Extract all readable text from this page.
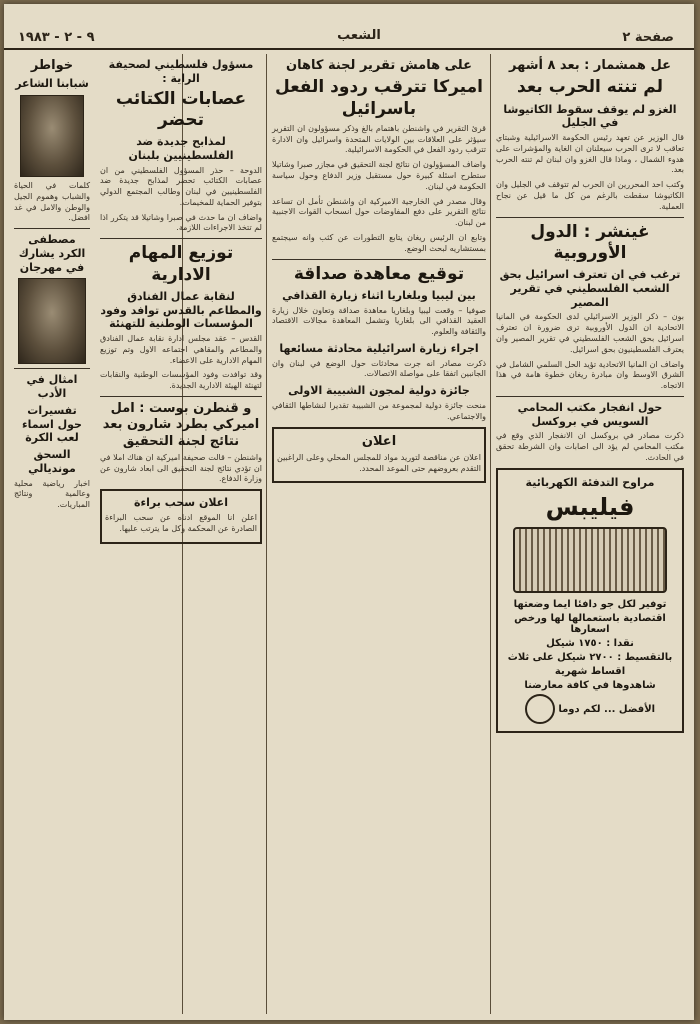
صفحة ٢
الشعب
٩ - ٢ - ١٩٨٣
عل همشمار : بعد ٨ أشهر
لم تنته الحرب بعد
الغزو لم يوقف سقوط الكاتيوشا في الجليل

قال الوزير عن تعهد رئيس الحكومة الاسرائيلية وشبتاي تعاقب لا ترى الحرب سيعلنان ان الغاية والمؤشرات على هدوء الشمال ، وماذا قال الغزو وان لبنان لم تنته الحرب بعد.

وكتب احد المحررين ان الحرب لم تتوقف في الجليل وان الكاتيوشا سقطت بالرغم من كل ما قيل عن نجاح العملية.

غينشر : الدول الأوروبية
ترغب في ان تعترف اسرائيل بحق الشعب الفلسطيني في تقرير المصير

بون – ذكر الوزير الاسرائيلي لدى الحكومة في المانيا الاتحادية ان الدول الأوروبية ترى ضرورة ان تعترف اسرائيل بحق الشعب الفلسطيني في تقرير المصير وان يعترف الفلسطينيون بحق اسرائيل.

واضاف ان المانيا الاتحادية تؤيد الحل السلمي الشامل في الشرق الاوسط وان مبادرة ريغان خطوة هامة في هذا الاتجاه.

حول انفجار مكتب المحامي السويس في بروكسل

ذكرت مصادر في بروكسل ان الانفجار الذي وقع في مكتب المحامي لم يؤد الى اصابات وان الشرطة تحقق في الحادث.

مراوح التدفئة الكهربائية
فيليبس
توفير لكل جو دافئا ايما وضعتها
اقتصادية باستعمالها لها ورخص اسعارها
نقدا : ١٧٥٠ شيكل
بالتقسيط : ٢٧٠٠ شيكل على ثلاث
اقساط شهرية
شاهدوها في كافة معارضنا
الأفضل ... لكم دوما
على هامش تقرير لجنة كاهان
اميركا تترقب ردود الفعل باسرائيل

قرئ التقرير في واشنطن باهتمام بالغ وذكر مسؤولون ان التقرير سيؤثر على العلاقات بين الولايات المتحدة واسرائيل وان الادارة تترقب ردود الفعل في الحكومة الاسرائيلية.

واضاف المسؤولون ان نتائج لجنة التحقيق في مجازر صبرا وشاتيلا ستطرح اسئلة كبيرة حول مستقبل وزير الدفاع وحول سياسة الحكومة في لبنان.

وقال مصدر في الخارجية الاميركية ان واشنطن تأمل ان تساعد نتائج التقرير على دفع المفاوضات حول انسحاب القوات الاجنبية من لبنان.

وتابع ان الرئيس ريغان يتابع التطورات عن كثب وانه سيجتمع بمستشاريه لبحث الوضع.

توقيع معاهدة صداقة
بين ليبيا وبلغاريا اثناء زيارة القذافي

صوفيا – وقعت ليبيا وبلغاريا معاهدة صداقة وتعاون خلال زيارة العقيد القذافي الى بلغاريا وتشمل المعاهدة مجالات الاقتصاد والثقافة والعلوم.

اجراء زيارة اسرائيلية محادثة مسائعها

ذكرت مصادر انه جرت محادثات حول الوضع في لبنان وان الجانبين اتفقا على مواصلة الاتصالات.

جائزة دولية لمجون الشبيبة الاولى

منحت جائزة دولية لمجموعة من الشبيبة تقديرا لنشاطها الثقافي والاجتماعي.

اعلان

اعلان عن مناقصة لتوريد مواد للمجلس المحلي وعلى الراغبين التقدم بعروضهم حتى الموعد المحدد.

مسؤول فلسطيني لصحيفة الراية :
عصابات الكتائب تحضر
لمذابح جديدة ضد الفلسطينيين بلبنان

الدوحة – حذر المسؤول الفلسطيني من ان عصابات الكتائب تحضر لمذابح جديدة ضد الفلسطينيين في لبنان وطالب المجتمع الدولي بتوفير الحماية للمخيمات.

واضاف ان ما حدث في صبرا وشاتيلا قد يتكرر اذا لم تتخذ الاجراءات اللازمة.

توزيع المهام الادارية
لنقابة عمال الفنادق والمطاعم بالقدس توافد وفود المؤسسات الوطنية للتهنئة

القدس – عقد مجلس ادارة نقابة عمال الفنادق والمطاعم والمقاهي اجتماعه الاول وتم توزيع المهام الادارية على الاعضاء.

وقد توافدت وفود المؤسسات الوطنية والنقابات لتهنئة الهيئة الادارية الجديدة.

و قنطرن بوست : امل اميركي بطرد شارون بعد نتائج لجنة التحقيق

واشنطن – قالت صحيفة اميركية ان هناك املا في ان تؤدي نتائج لجنة التحقيق الى ابعاد شارون عن وزارة الدفاع.

اعلان سحب براءة

اعلن انا الموقع ادناه عن سحب البراءة الصادرة عن المحكمة وكل ما يترتب عليها.

خواطر
شبابنا الشاعر

كلمات في الحياة والشباب وهموم الجيل والوطن والامل في غد افضل.

مصطفى الكرد يشارك في مهرجان
امثال في الأدب
تفسيرات حول اسماء لعب الكرة
السحق مونديالي

اخبار رياضية محلية وعالمية ونتائج المباريات.
